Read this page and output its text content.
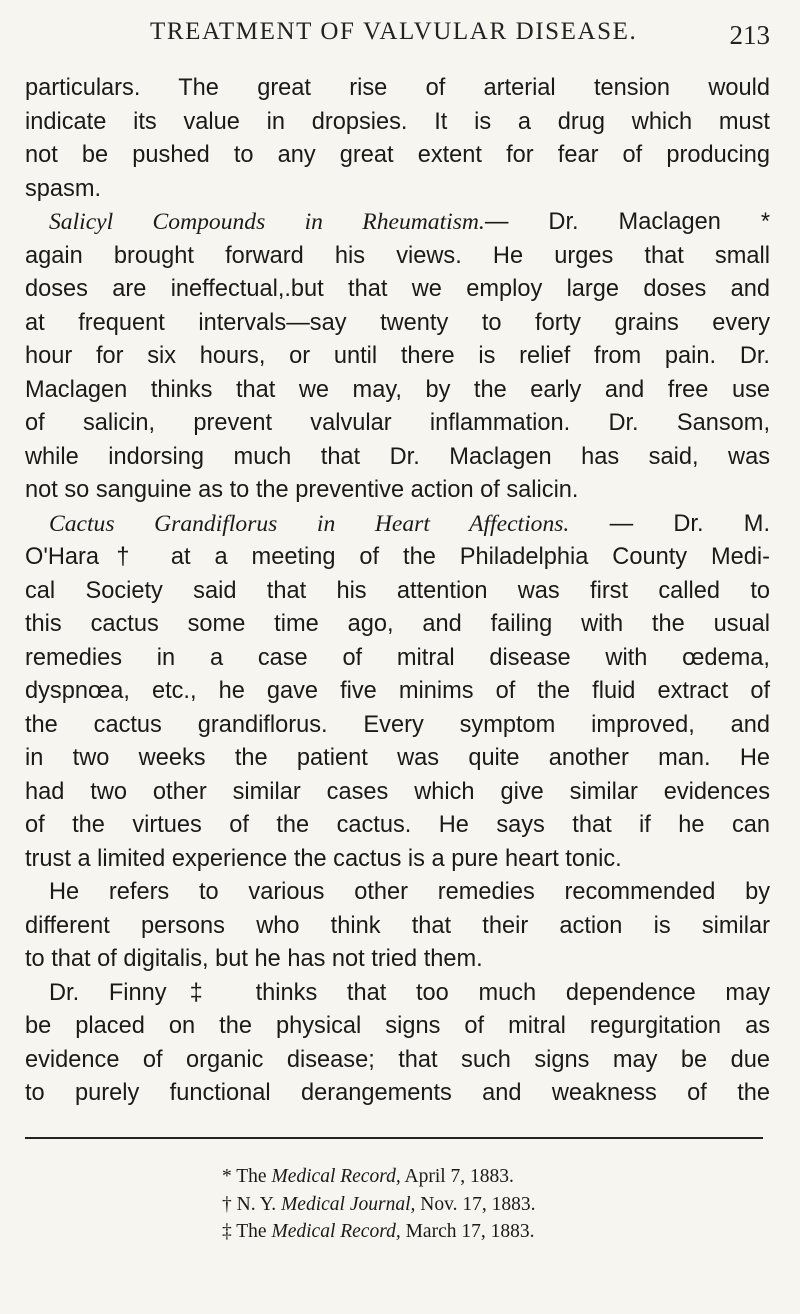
TREATMENT OF VALVULAR DISEASE.	213
particulars. The great rise of arterial tension would
indicate its value in dropsies. It is a drug which must
not be pushed to any great extent for fear of producing
spasm.
Salicyl Compounds in Rheumatism.— Dr. Maclagen *
again brought forward his views. He urges that small
doses are ineffectual,.but that we employ large doses and
at frequent intervals—say twenty to forty grains every
hour for six hours, or until there is relief from pain. Dr.
Maclagen thinks that we may, by the early and free use
of salicin, prevent valvular inflammation. Dr. Sansom,
while indorsing much that Dr. Maclagen has said, was
not so sanguine as to the preventive action of salicin.
Cactus Grandiflorus in Heart Affections. — Dr. M.
O'Hara† at a meeting of the Philadelphia County Medi-
cal Society said that his attention was first called to
this cactus some time ago, and failing with the usual
remedies in a case of mitral disease with œdema,
dyspnœa, etc., he gave five minims of the fluid extract of
the cactus grandiflorus. Every symptom improved, and
in two weeks the patient was quite another man. He
had two other similar cases which give similar evidences
of the virtues of the cactus. He says that if he can
trust a limited experience the cactus is a pure heart tonic.
He refers to various other remedies recommended by
different persons who think that their action is similar
to that of digitalis, but he has not tried them.
Dr. Finny‡ thinks that too much dependence may
be placed on the physical signs of mitral regurgitation as
evidence of organic disease; that such signs may be due
to purely functional derangements and weakness of the
* The Medical Record, April 7, 1883.
† N. Y. Medical Journal, Nov. 17, 1883.
‡ The Medical Record, March 17, 1883.
